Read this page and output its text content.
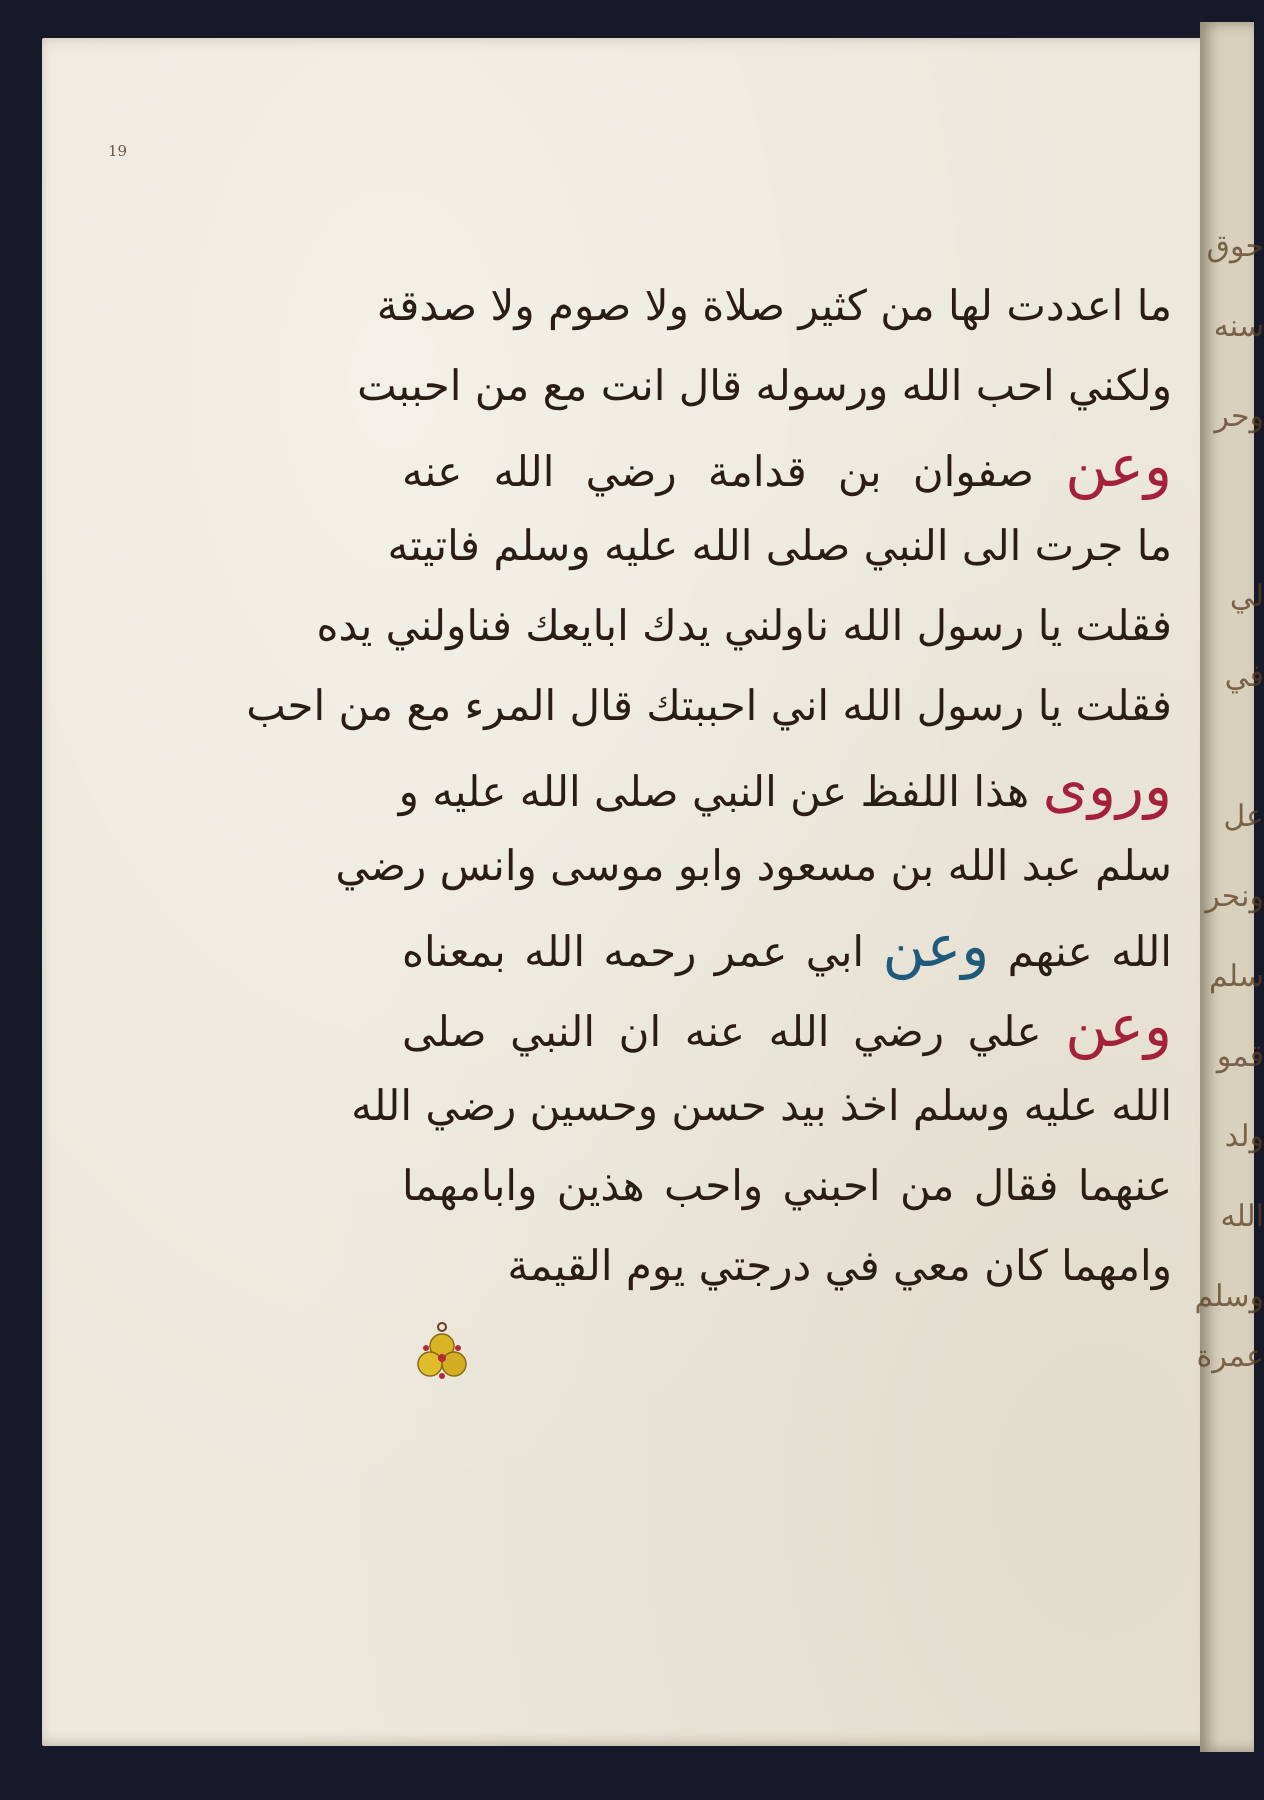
19
ما اعددت لها من كثير صلاة ولا صوم ولا صدقة
ولكني احب الله ورسوله قال انت مع من احببت
وعن صفوان بن قدامة رضي الله عنه
ما جرت الى النبي صلى الله عليه وسلم فاتيته
فقلت يا رسول الله ناولني يدك ابايعك فناولني يده
فقلت يا رسول الله اني احببتك قال المرء مع من احب
وروى هذا اللفظ عن النبي صلى الله عليه و
سلم عبد الله بن مسعود وابو موسى وانس رضي
الله عنهم وعن ابي عمر رحمه الله بمعناه
وعن علي رضي الله عنه ان النبي صلى
الله عليه وسلم اخذ بيد حسن وحسين رضي الله
عنهما فقال من احبني واحب هذين وابامهما
وامهما كان معي في درجتي يوم القيمة
حوق
سنه
وحر
لي
في
عل
ونحر
سلم
قمو
ولد
الله
وسلم
عمرة
